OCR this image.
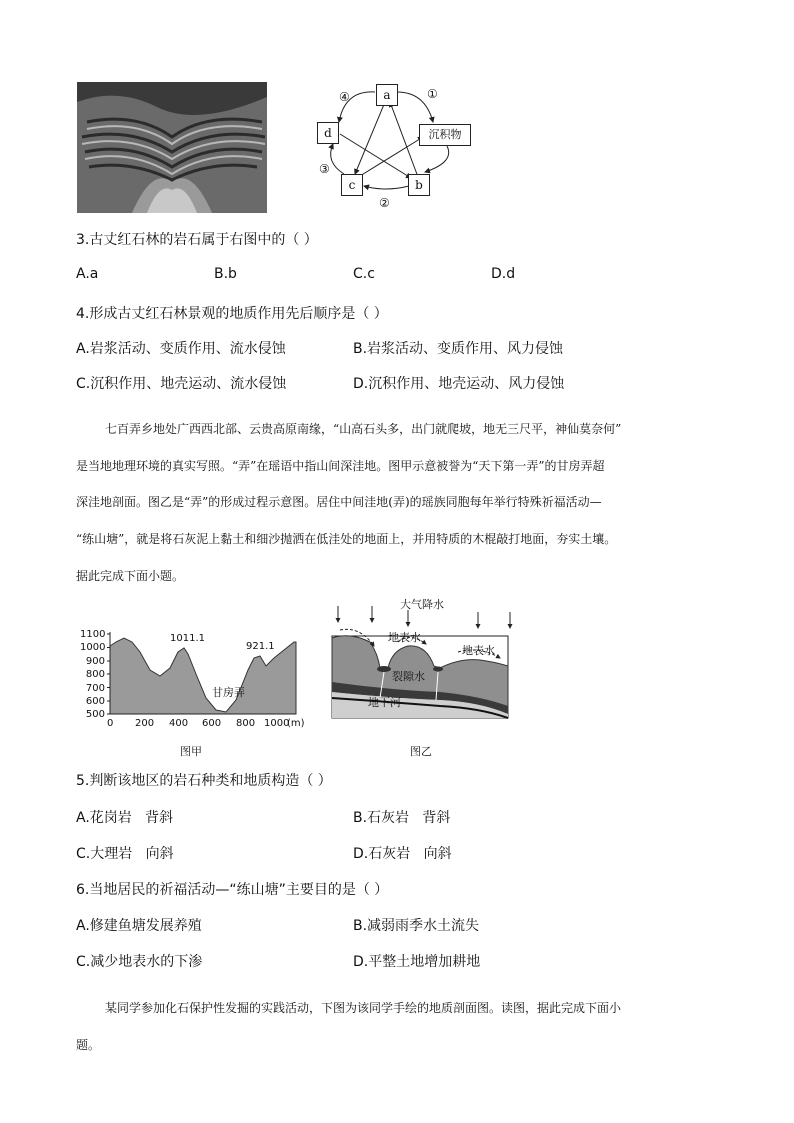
a
d	沉积物
c	b
①
②
③
④
3.古丈红石林的岩石属于右图中的（ ）
A.a	B.b	C.c	D.d
4.形成古丈红石林景观的地质作用先后顺序是（ ）
A.岩浆活动、变质作用、流水侵蚀	B.岩浆活动、变质作用、风力侵蚀
C.沉积作用、地壳运动、流水侵蚀	D.沉积作用、地壳运动、风力侵蚀
七百弄乡地处广西西北部、云贵高原南缘，“山高石头多，出门就爬坡，地无三尺平，神仙莫奈何”
是当地地理环境的真实写照。“弄”在瑶语中指山间深洼地。图甲示意被誉为“天下第一弄”的甘房弄超
深洼地剖面。图乙是“弄”的形成过程示意图。居住中间洼地(弄)的瑶族同胞每年举行特殊祈福活动—
“练山塘”，就是将石灰泥上黏土和细沙抛洒在低洼处的地面上，并用特质的木棍敲打地面，夯实土壤。
据此完成下面小题。
1100
1000
900
800
700
600
500
0 200 400 600 800 1000
(m)
1011.1
921.1
甘房弄
图甲
大气降水
地表水
地表水
裂隙水
地下河
图乙
5.判断该地区的岩石种类和地质构造（ ）
A.花岗岩   背斜	B.石灰岩   背斜
C.大理岩   向斜	D.石灰岩   向斜
6.当地居民的祈福活动—“练山塘”主要目的是（ ）
A.修建鱼塘发展养殖	B.减弱雨季水土流失
C.减少地表水的下渗	D.平整土地增加耕地
某同学参加化石保护性发掘的实践活动，下图为该同学手绘的地质剖面图。读图，据此完成下面小
题。
